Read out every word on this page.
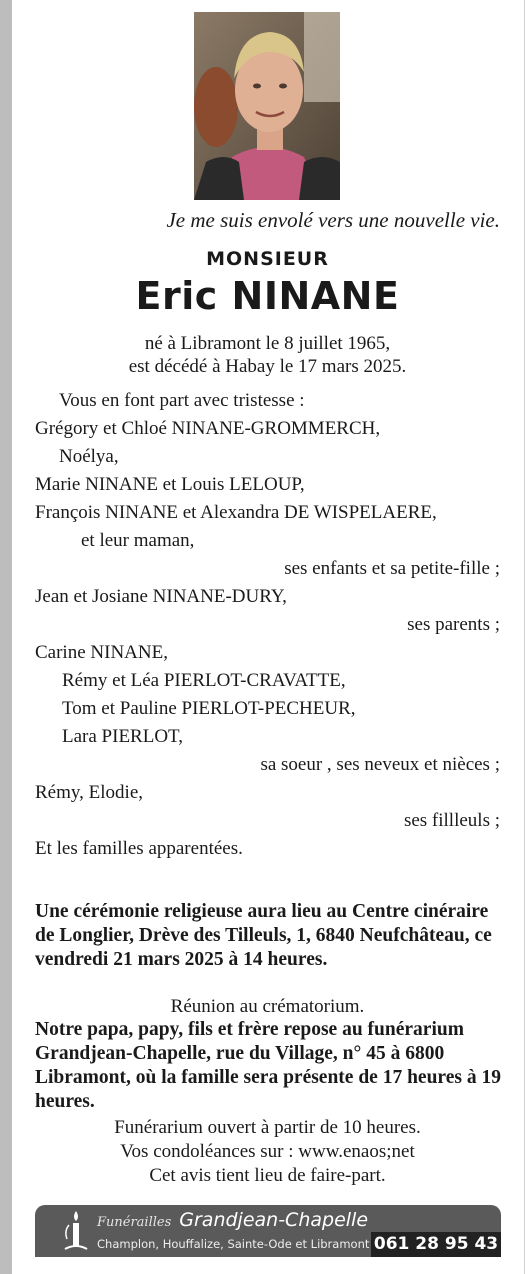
Je me suis envolé vers une nouvelle vie.
MONSIEUR
Eric NINANE
né à Libramont le 8 juillet 1965,
est décédé à Habay le 17 mars 2025.
Vous en font part avec tristesse :
Grégory et Chloé NINANE-GROMMERCH,
Noélya,
Marie NINANE et Louis LELOUP,
François NINANE et Alexandra DE WISPELAERE,
et leur maman,
ses enfants et sa petite-fille ;
Jean et Josiane NINANE-DURY,
ses parents ;
Carine NINANE,
Rémy et Léa PIERLOT-CRAVATTE,
Tom et Pauline PIERLOT-PECHEUR,
Lara PIERLOT,
sa soeur , ses neveux et nièces ;
Rémy, Elodie,
ses fillleuls ;
Et les familles apparentées.
Une cérémonie religieuse aura lieu au Centre cinéraire de Longlier, Drève des Tilleuls, 1, 6840 Neufchâteau, ce vendredi 21 mars 2025 à 14 heures.
Réunion au crématorium.
Notre papa, papy, fils et frère repose au funérarium Grandjean-Chapelle, rue du Village, n° 45 à 6800 Libramont, où la famille sera présente de 17 heures à 19 heures.
Funérarium ouvert à partir de 10 heures.
Vos condoléances sur : www.enaos;net
Cet avis tient lieu de faire-part.
Funérailles Grandjean-Chapelle
Champlon, Houffalize, Sainte-Ode et Libramont 061 28 95 43
